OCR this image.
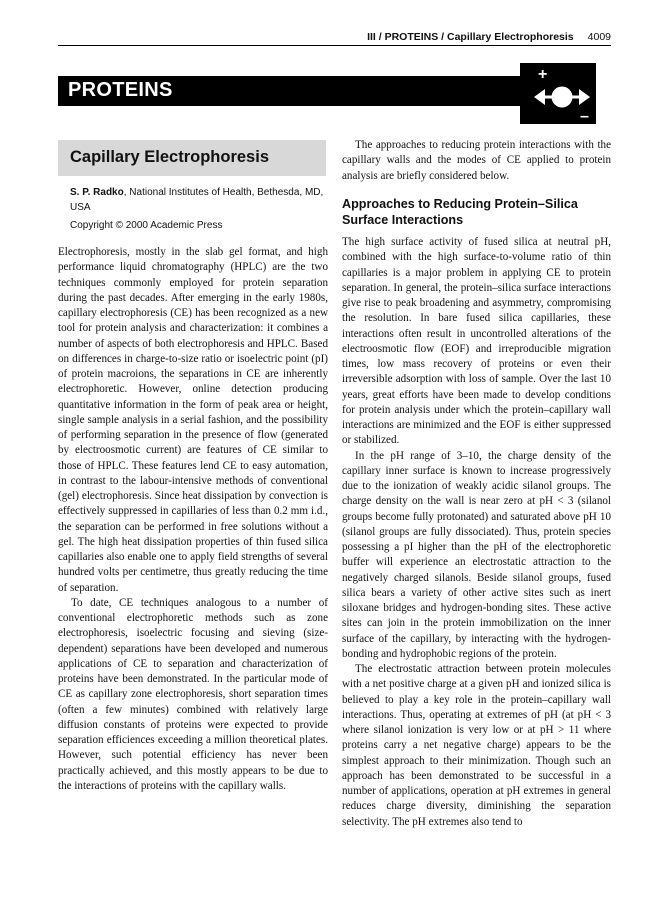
III / PROTEINS / Capillary Electrophoresis 4009
PROTEINS
+
–
Capillary Electrophoresis
S. P. Radko, National Institutes of Health, Bethesda, MD, USA
Copyright © 2000 Academic Press

Electrophoresis, mostly in the slab gel format, and high performance liquid chromatography (HPLC) are the two techniques commonly employed for protein separation during the past decades. After emerging in the early 1980s, capillary electrophoresis (CE) has been recognized as a new tool for protein analysis and characterization: it combines a number of aspects of both electrophoresis and HPLC. Based on differences in charge-to-size ratio or isoelectric point (pI) of protein macroions, the separations in CE are inherently electrophoretic. However, online detection producing quantitative information in the form of peak area or height, single sample analysis in a serial fashion, and the possibility of performing separation in the presence of flow (generated by electroosmotic current) are features of CE similar to those of HPLC. These features lend CE to easy automation, in contrast to the labour-intensive methods of conventional (gel) electrophoresis. Since heat dissipation by convection is effectively suppressed in capillaries of less than 0.2 mm i.d., the separation can be performed in free solutions without a gel. The high heat dissipation properties of thin fused silica capillaries also enable one to apply field strengths of several hundred volts per centimetre, thus greatly reducing the time of separation.

To date, CE techniques analogous to a number of conventional electrophoretic methods such as zone electrophoresis, isoelectric focusing and sieving (size-dependent) separations have been developed and numerous applications of CE to separation and characterization of proteins have been demonstrated. In the particular mode of CE as capillary zone electrophoresis, short separation times (often a few minutes) combined with relatively large diffusion constants of proteins were expected to provide separation efficiences exceeding a million theoretical plates. However, such potential efficiency has never been practically achieved, and this mostly appears to be due to the interactions of proteins with the capillary walls.

The approaches to reducing protein interactions with the capillary walls and the modes of CE applied to protein analysis are briefly considered below.

Approaches to Reducing Protein–Silica Surface Interactions

The high surface activity of fused silica at neutral pH, combined with the high surface-to-volume ratio of thin capillaries is a major problem in applying CE to protein separation. In general, the protein–silica surface interactions give rise to peak broadening and asymmetry, compromising the resolution. In bare fused silica capillaries, these interactions often result in uncontrolled alterations of the electroosmotic flow (EOF) and irreproducible migration times, low mass recovery of proteins or even their irreversible adsorption with loss of sample. Over the last 10 years, great efforts have been made to develop conditions for protein analysis under which the protein–capillary wall interactions are minimized and the EOF is either suppressed or stabilized.

In the pH range of 3–10, the charge density of the capillary inner surface is known to increase progressively due to the ionization of weakly acidic silanol groups. The charge density on the wall is near zero at pH < 3 (silanol groups become fully protonated) and saturated above pH 10 (silanol groups are fully dissociated). Thus, protein species possessing a pI higher than the pH of the electrophoretic buffer will experience an electrostatic attraction to the negatively charged silanols. Beside silanol groups, fused silica bears a variety of other active sites such as inert siloxane bridges and hydrogen-bonding sites. These active sites can join in the protein immobilization on the inner surface of the capillary, by interacting with the hydrogen-bonding and hydrophobic regions of the protein.

The electrostatic attraction between protein molecules with a net positive charge at a given pH and ionized silica is believed to play a key role in the protein–capillary wall interactions. Thus, operating at extremes of pH (at pH < 3 where silanol ionization is very low or at pH > 11 where proteins carry a net negative charge) appears to be the simplest approach to their minimization. Though such an approach has been demonstrated to be successful in a number of applications, operation at pH extremes in general reduces charge diversity, diminishing the separation selectivity. The pH extremes also tend to
